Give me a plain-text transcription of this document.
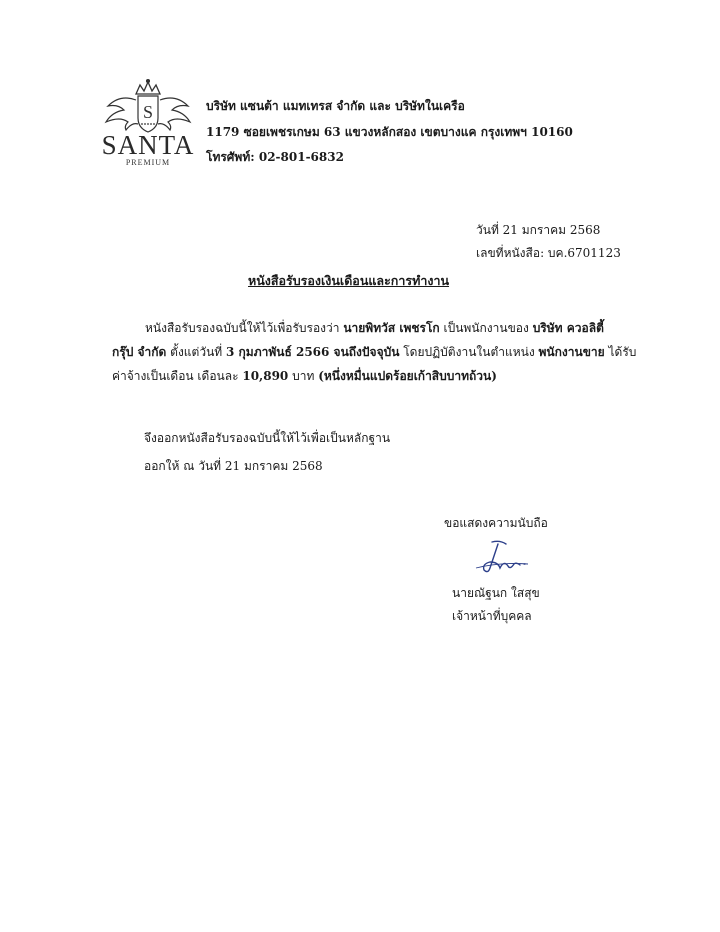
S
SANTA
PREMIUM
บริษัท แซนต้า แมทเทรส จำกัด และ บริษัทในเครือ
1179 ซอยเพชรเกษม 63 แขวงหลักสอง เขตบางแค กรุงเทพฯ 10160
โทรศัพท์: 02-801-6832
วันที่ 21 มกราคม 2568
เลขที่หนังสือ: บค.6701123
หนังสือรับรองเงินเดือนและการทำงาน
หนังสือรับรองฉบับนี้ให้ไว้เพื่อรับรองว่า นายพิทวัส เพชรโก เป็นพนักงานของ บริษัท ควอลิตี้
กรุ๊ป จำกัด ตั้งแต่วันที่ 3 กุมภาพันธ์ 2566 จนถึงปัจจุบัน โดยปฏิบัติงานในตำแหน่ง พนักงานขาย ได้รับ
ค่าจ้างเป็นเดือน เดือนละ 10,890 บาท (หนึ่งหมื่นแปดร้อยเก้าสิบบาทถ้วน)
จึงออกหนังสือรับรองฉบับนี้ให้ไว้เพื่อเป็นหลักฐาน
ออกให้ ณ วันที่ 21 มกราคม 2568
ขอแสดงความนับถือ
นายณัฐนก ใสสุข
เจ้าหน้าที่บุคคล
